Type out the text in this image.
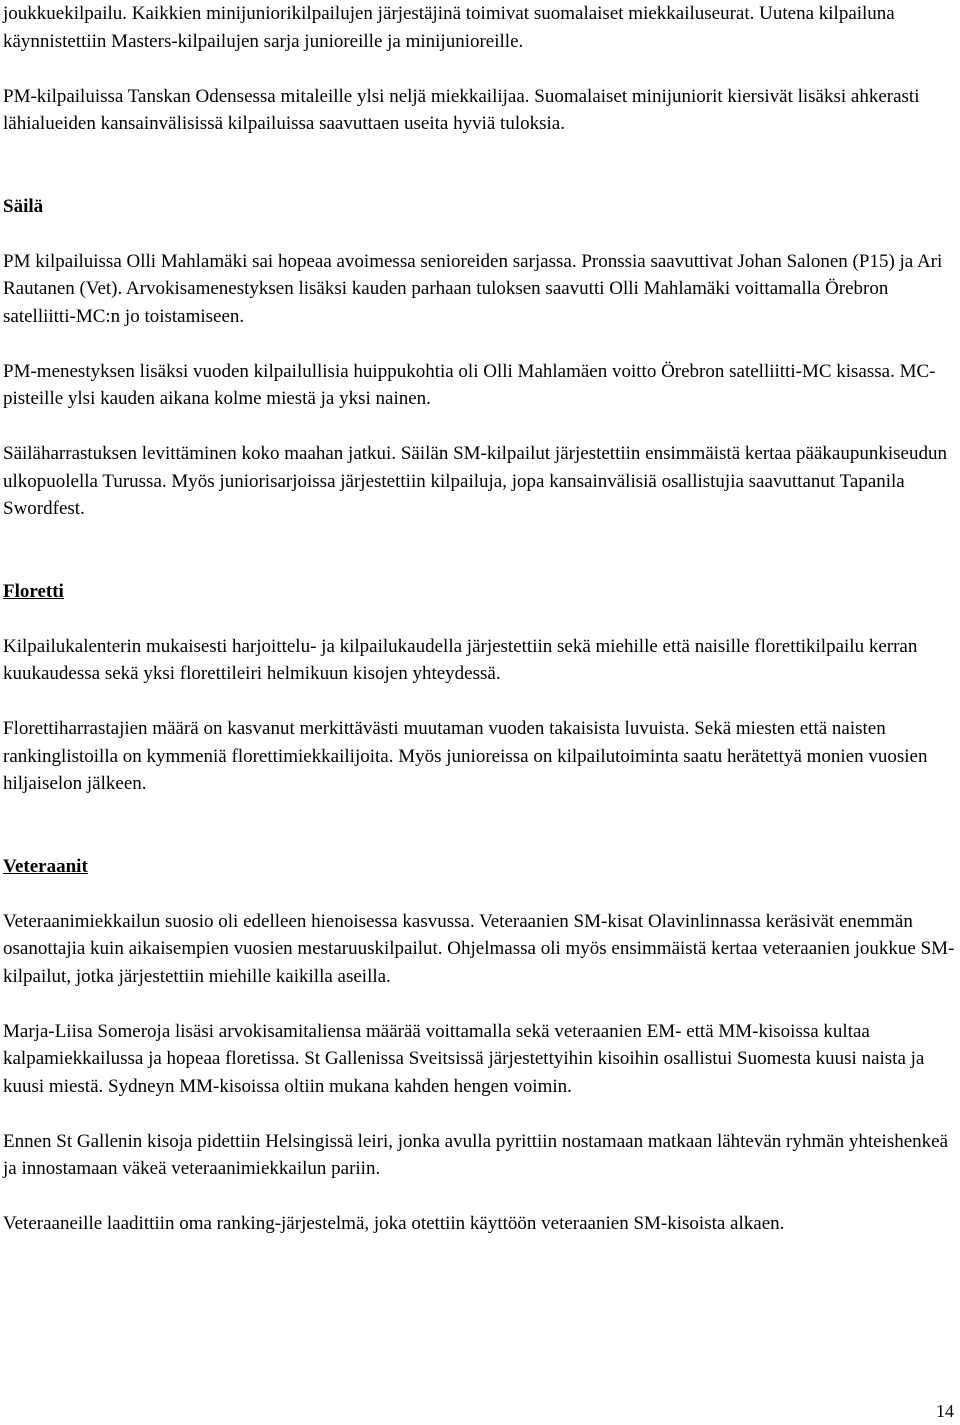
joukkuekilpailu. Kaikkien minijuniorikilpailujen järjestäjinä toimivat suomalaiset miekkailuseurat. Uutena kilpailuna käynnistettiin Masters-kilpailujen sarja junioreille ja minijunioreille.

PM-kilpailuissa Tanskan Odensessa mitaleille ylsi neljä miekkailijaa. Suomalaiset minijuniorit kiersivät lisäksi ahkerasti lähialueiden kansainvälisissä kilpailuissa saavuttaen useita hyviä tuloksia.

Säilä

PM kilpailuissa Olli Mahlamäki sai hopeaa avoimessa senioreiden sarjassa. Pronssia saavuttivat Johan Salonen (P15) ja Ari Rautanen (Vet). Arvokisamenestyksen lisäksi kauden parhaan tuloksen saavutti Olli Mahlamäki voittamalla Örebron satelliitti-MC:n jo toistamiseen.

PM-menestyksen lisäksi vuoden kilpailullisia huippukohtia oli Olli Mahlamäen voitto Örebron satelliitti-MC kisassa. MC-pisteille ylsi kauden aikana kolme miestä ja yksi nainen.

Säiläharrastuksen levittäminen koko maahan jatkui. Säilän SM-kilpailut järjestettiin ensimmäistä kertaa pääkaupunkiseudun ulkopuolella Turussa. Myös juniorisarjoissa järjestettiin kilpailuja, jopa kansainvälisiä osallistujia saavuttanut Tapanila Swordfest.

Floretti

Kilpailukalenterin mukaisesti harjoittelu- ja kilpailukaudella järjestettiin sekä miehille että naisille florettikilpailu kerran kuukaudessa sekä yksi florettileiri helmikuun kisojen yhteydessä.

Florettiharrastajien määrä on kasvanut merkittävästi muutaman vuoden takaisista luvuista. Sekä miesten että naisten rankinglistoilla on kymmeniä florettimiekkailijoita. Myös junioreissa on kilpailutoiminta saatu herätettyä monien vuosien hiljaiselon jälkeen.

Veteraanit

Veteraanimiekkailun suosio oli edelleen hienoisessa kasvussa. Veteraanien SM-kisat Olavinlinnassa keräsivät enemmän osanottajia kuin aikaisempien vuosien mestaruuskilpailut. Ohjelmassa oli myös ensimmäistä kertaa veteraanien joukkue SM-kilpailut, jotka järjestettiin miehille kaikilla aseilla.

Marja-Liisa Someroja lisäsi arvokisamitaliensa määrää voittamalla sekä veteraanien EM- että MM-kisoissa kultaa kalpamiekkailussa ja hopeaa floretissa. St Gallenissa Sveitsissä järjestettyihin kisoihin osallistui Suomesta kuusi naista ja kuusi miestä. Sydneyn MM-kisoissa oltiin mukana kahden hengen voimin.

Ennen St Gallenin kisoja pidettiin Helsingissä leiri, jonka avulla pyrittiin nostamaan matkaan lähtevän ryhmän yhteishenkeä ja innostamaan väkeä veteraanimiekkailun pariin.

Veteraaneille laadittiin oma ranking-järjestelmä, joka otettiin käyttöön veteraanien SM-kisoista alkaen.

14
